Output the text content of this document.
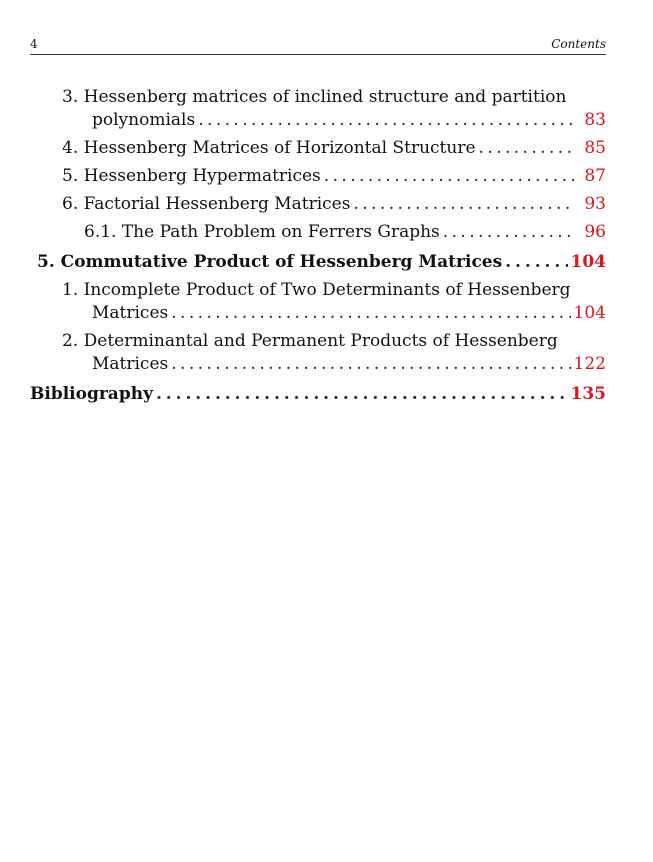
4	Contents
3. Hessenberg matrices of inclined structure and partition
polynomials . . .	83
4. Hessenberg Matrices of Horizontal Structure . . .	85
5. Hessenberg Hypermatrices . . .	87
6. Factorial Hessenberg Matrices . . .	93
6.1. The Path Problem on Ferrers Graphs . . .	96
5. Commutative Product of Hessenberg Matrices . . .	104
1. Incomplete Product of Two Determinants of Hessenberg
Matrices . . .	104
2. Determinantal and Permanent Products of Hessenberg
Matrices . . .	122
Bibliography . . .	135
